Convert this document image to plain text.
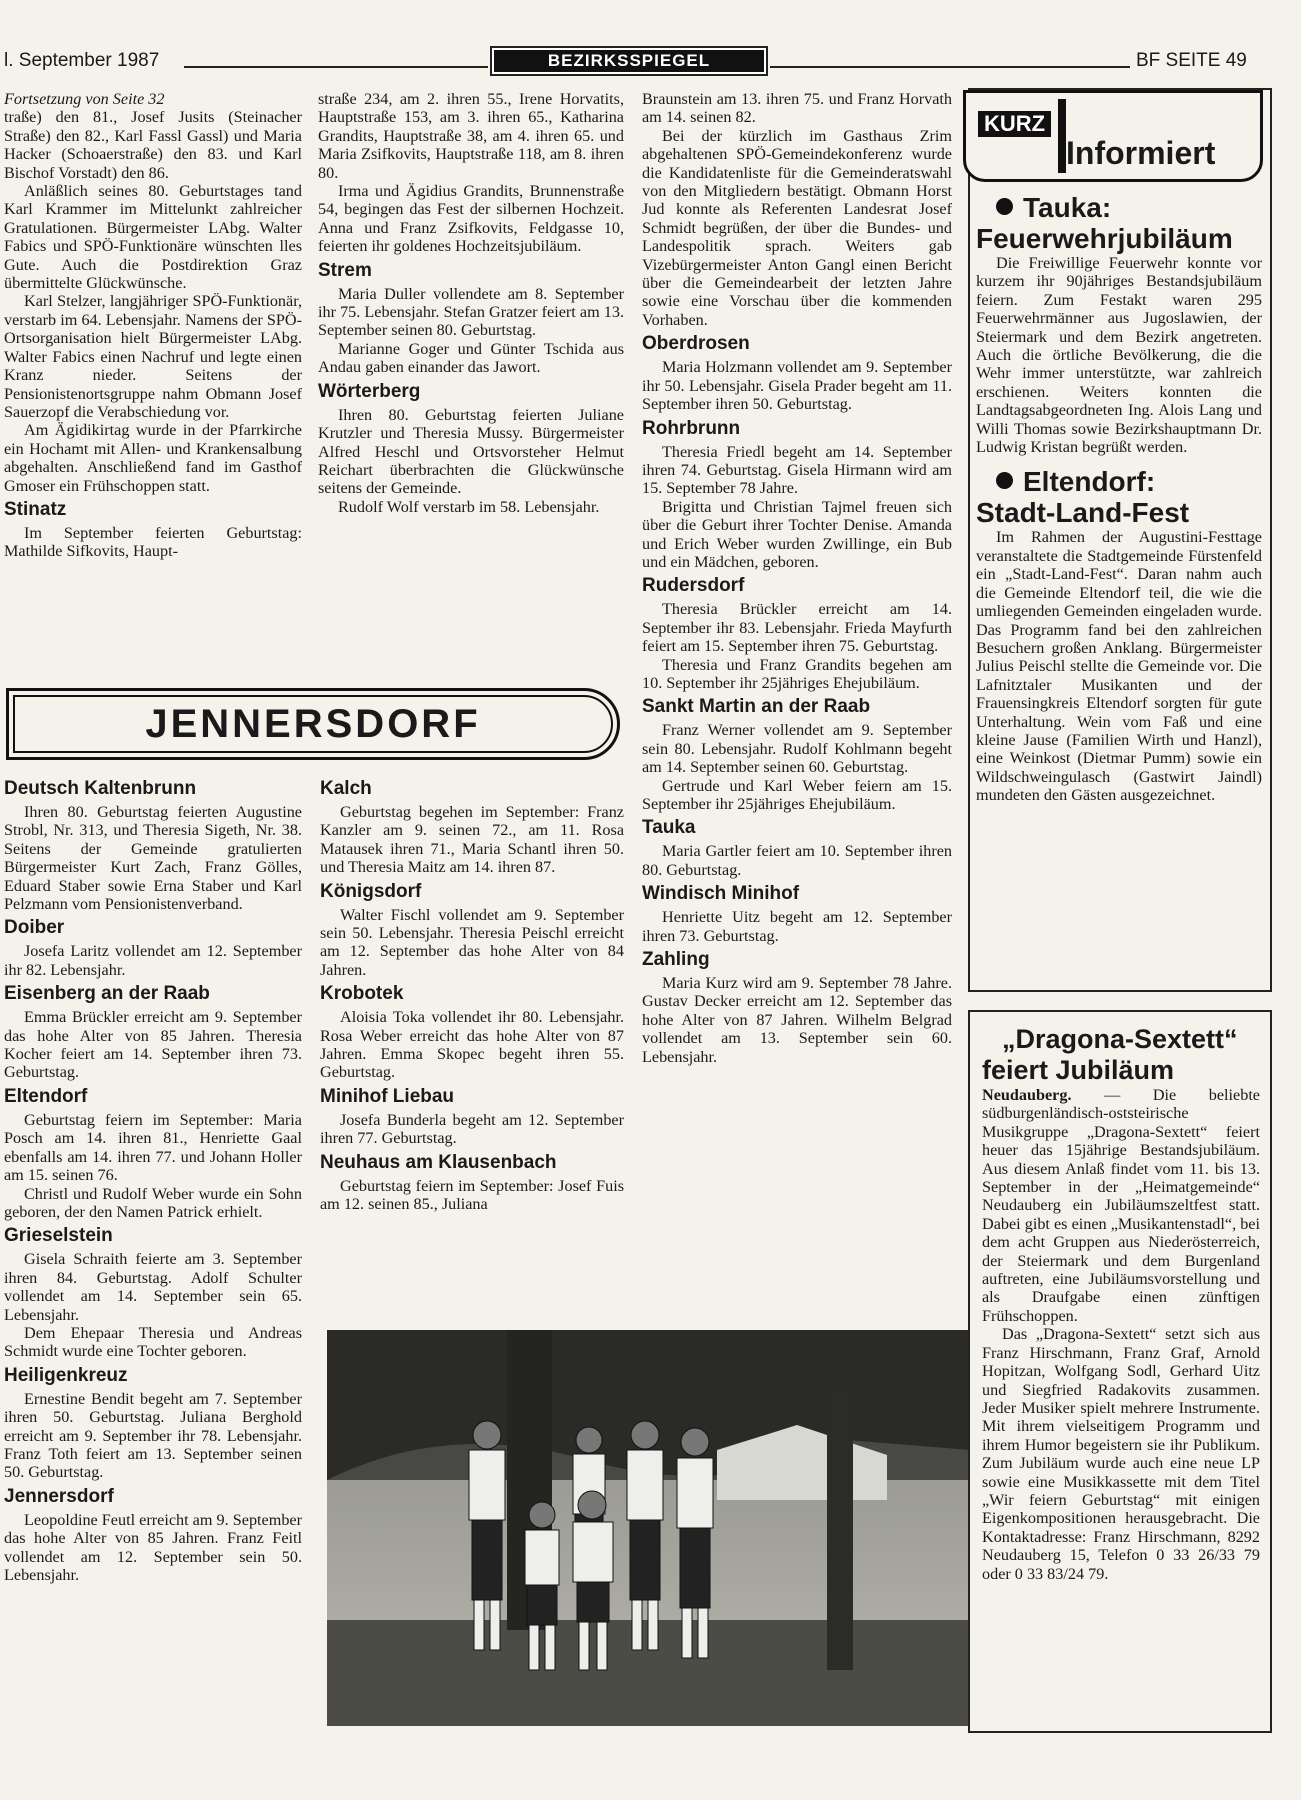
l. September 1987	BEZIRKSSPIEGEL	BF SEITE 49

Fortsetzung von Seite 32

traße) den 81., Josef Jusits (Steinacher Straße) den 82., Karl Fassl Gassl) und Maria Hacker (Schoaerstraße) den 83. und Karl Bischof Vorstadt) den 86.

Anläßlich seines 80. Geburtstages tand Karl Krammer im Mittelunkt zahlreicher Gratulationen. Bürgermeister LAbg. Walter Fabics und SPÖ-Funktionäre wünschten lles Gute. Auch die Postdirektion Graz übermittelte Glückwünsche.

Karl Stelzer, langjähriger SPÖ-Funktionär, verstarb im 64. Lebensjahr. Namens der SPÖ-Ortsorganisation hielt Bürgermeister LAbg. Walter Fabics einen Nachruf und legte einen Kranz nieder. Seitens der Pensionistenortsgruppe nahm Obmann Josef Sauerzopf die Verabschiedung vor.

Am Ägidikirtag wurde in der Pfarrkirche ein Hochamt mit Allen- und Krankensalbung abgehalten. Anschließend fand im Gasthof Gmoser ein Frühschoppen statt.

Stinatz

Im September feierten Geburtstag: Mathilde Sifkovits, Haupt-

straße 234, am 2. ihren 55., Irene Horvatits, Hauptstraße 153, am 3. ihren 65., Katharina Grandits, Hauptstraße 38, am 4. ihren 65. und Maria Zsifkovits, Hauptstraße 118, am 8. ihren 80.

Irma und Ägidius Grandits, Brunnenstraße 54, begingen das Fest der silbernen Hochzeit. Anna und Franz Zsifkovits, Feldgasse 10, feierten ihr goldenes Hochzeitsjubiläum.

Strem

Maria Duller vollendete am 8. September ihr 75. Lebensjahr. Stefan Gratzer feiert am 13. September seinen 80. Geburtstag.

Marianne Goger und Günter Tschida aus Andau gaben einander das Jawort.

Wörterberg

Ihren 80. Geburtstag feierten Juliane Krutzler und Theresia Mussy. Bürgermeister Alfred Heschl und Ortsvorsteher Helmut Reichart überbrachten die Glückwünsche seitens der Gemeinde.

Rudolf Wolf verstarb im 58. Lebensjahr.

Braunstein am 13. ihren 75. und Franz Horvath am 14. seinen 82.

Bei der kürzlich im Gasthaus Zrim abgehaltenen SPÖ-Gemeindekonferenz wurde die Kandidatenliste für die Gemeinderatswahl von den Mitgliedern bestätigt. Obmann Horst Jud konnte als Referenten Landesrat Josef Schmidt begrüßen, der über die Bundes- und Landespolitik sprach. Weiters gab Vizebürgermeister Anton Gangl einen Bericht über die Gemeindearbeit der letzten Jahre sowie eine Vorschau über die kommenden Vorhaben.

Oberdrosen

Maria Holzmann vollendet am 9. September ihr 50. Lebensjahr. Gisela Prader begeht am 11. September ihren 50. Geburtstag.

Rohrbrunn

Theresia Friedl begeht am 14. September ihren 74. Geburtstag. Gisela Hirmann wird am 15. September 78 Jahre.

Brigitta und Christian Tajmel freuen sich über die Geburt ihrer Tochter Denise. Amanda und Erich Weber wurden Zwillinge, ein Bub und ein Mädchen, geboren.

Rudersdorf

Theresia Brückler erreicht am 14. September ihr 83. Lebensjahr. Frieda Mayfurth feiert am 15. September ihren 75. Geburtstag.

Theresia und Franz Grandits begehen am 10. September ihr 25jähriges Ehejubiläum.

Sankt Martin an der Raab

Franz Werner vollendet am 9. September sein 80. Lebensjahr. Rudolf Kohlmann begeht am 14. September seinen 60. Geburtstag.

Gertrude und Karl Weber feiern am 15. September ihr 25jähriges Ehejubiläum.

Tauka

Maria Gartler feiert am 10. September ihren 80. Geburtstag.

Windisch Minihof

Henriette Uitz begeht am 12. September ihren 73. Geburtstag.

Zahling

Maria Kurz wird am 9. September 78 Jahre. Gustav Decker erreicht am 12. September das hohe Alter von 87 Jahren. Wilhelm Belgrad vollendet am 13. September sein 60. Lebensjahr.

JENNERSDORF
Deutsch Kaltenbrunn

Ihren 80. Geburtstag feierten Augustine Strobl, Nr. 313, und Theresia Sigeth, Nr. 38. Seitens der Gemeinde gratulierten Bürgermeister Kurt Zach, Franz Gölles, Eduard Staber sowie Erna Staber und Karl Pelzmann vom Pensionistenverband.

Doiber

Josefa Laritz vollendet am 12. September ihr 82. Lebensjahr.

Eisenberg an der Raab

Emma Brückler erreicht am 9. September das hohe Alter von 85 Jahren. Theresia Kocher feiert am 14. September ihren 73. Geburtstag.

Eltendorf

Geburtstag feiern im September: Maria Posch am 14. ihren 81., Henriette Gaal ebenfalls am 14. ihren 77. und Johann Holler am 15. seinen 76.

Christl und Rudolf Weber wurde ein Sohn geboren, der den Namen Patrick erhielt.

Grieselstein

Gisela Schraith feierte am 3. September ihren 84. Geburtstag. Adolf Schulter vollendet am 14. September sein 65. Lebensjahr.

Dem Ehepaar Theresia und Andreas Schmidt wurde eine Tochter geboren.

Heiligenkreuz

Ernestine Bendit begeht am 7. September ihren 50. Geburtstag. Juliana Berghold erreicht am 9. September ihr 78. Lebensjahr. Franz Toth feiert am 13. September seinen 50. Geburtstag.

Jennersdorf

Leopoldine Feutl erreicht am 9. September das hohe Alter von 85 Jahren. Franz Feitl vollendet am 12. September sein 50. Lebensjahr.

Kalch

Geburtstag begehen im September: Franz Kanzler am 9. seinen 72., am 11. Rosa Matausek ihren 71., Maria Schantl ihren 50. und Theresia Maitz am 14. ihren 87.

Königsdorf

Walter Fischl vollendet am 9. September sein 50. Lebensjahr. Theresia Peischl erreicht am 12. September das hohe Alter von 84 Jahren.

Krobotek

Aloisia Toka vollendet ihr 80. Lebensjahr. Rosa Weber erreicht das hohe Alter von 87 Jahren. Emma Skopec begeht ihren 55. Geburtstag.

Minihof Liebau

Josefa Bunderla begeht am 12. September ihren 77. Geburtstag.

Neuhaus am Klausenbach

Geburtstag feiern im September: Josef Fuis am 12. seinen 85., Juliana

KURZ
Informiert

Tauka:
Feuerwehrjubiläum

Die Freiwillige Feuerwehr konnte vor kurzem ihr 90jähriges Bestandsjubiläum feiern. Zum Festakt waren 295 Feuerwehrmänner aus Jugoslawien, der Steiermark und dem Bezirk angetreten. Auch die örtliche Bevölkerung, die die Wehr immer unterstützte, war zahlreich erschienen. Weiters konnten die Landtagsabgeordneten Ing. Alois Lang und Willi Thomas sowie Bezirkshauptmann Dr. Ludwig Kristan begrüßt werden.

Eltendorf:
Stadt-Land-Fest

Im Rahmen der Augustini-Festtage veranstaltete die Stadtgemeinde Fürstenfeld ein „Stadt-Land-Fest“. Daran nahm auch die Gemeinde Eltendorf teil, die wie die umliegenden Gemeinden eingeladen wurde. Das Programm fand bei den zahlreichen Besuchern großen Anklang. Bürgermeister Julius Peischl stellte die Gemeinde vor. Die Lafnitztaler Musikanten und der Frauensingkreis Eltendorf sorgten für gute Unterhaltung. Wein vom Faß und eine kleine Jause (Familien Wirth und Hanzl), eine Weinkost (Dietmar Pumm) sowie ein Wildschweingulasch (Gastwirt Jaindl) mundeten den Gästen ausgezeichnet.

„Dragona-Sextett“
feiert Jubiläum

Neudauberg. — Die beliebte südburgenländisch-oststeirische Musikgruppe „Dragona-Sextett“ feiert heuer das 15jährige Bestandsjubiläum. Aus diesem Anlaß findet vom 11. bis 13. September in der „Heimatgemeinde“ Neudauberg ein Jubiläumszeltfest statt. Dabei gibt es einen „Musikantenstadl“, bei dem acht Gruppen aus Niederösterreich, der Steiermark und dem Burgenland auftreten, eine Jubiläumsvorstellung und als Draufgabe einen zünftigen Frühschoppen.

Das „Dragona-Sextett“ setzt sich aus Franz Hirschmann, Franz Graf, Arnold Hopitzan, Wolfgang Sodl, Gerhard Uitz und Siegfried Radakovits zusammen. Jeder Musiker spielt mehrere Instrumente. Mit ihrem vielseitigem Programm und ihrem Humor begeistern sie ihr Publikum. Zum Jubiläum wurde auch eine neue LP sowie eine Musikkassette mit dem Titel „Wir feiern Geburtstag“ mit einigen Eigenkompositionen herausgebracht. Die Kontaktadresse: Franz Hirschmann, 8292 Neudauberg 15, Telefon 0 33 26/33 79 oder 0 33 83/24 79.
